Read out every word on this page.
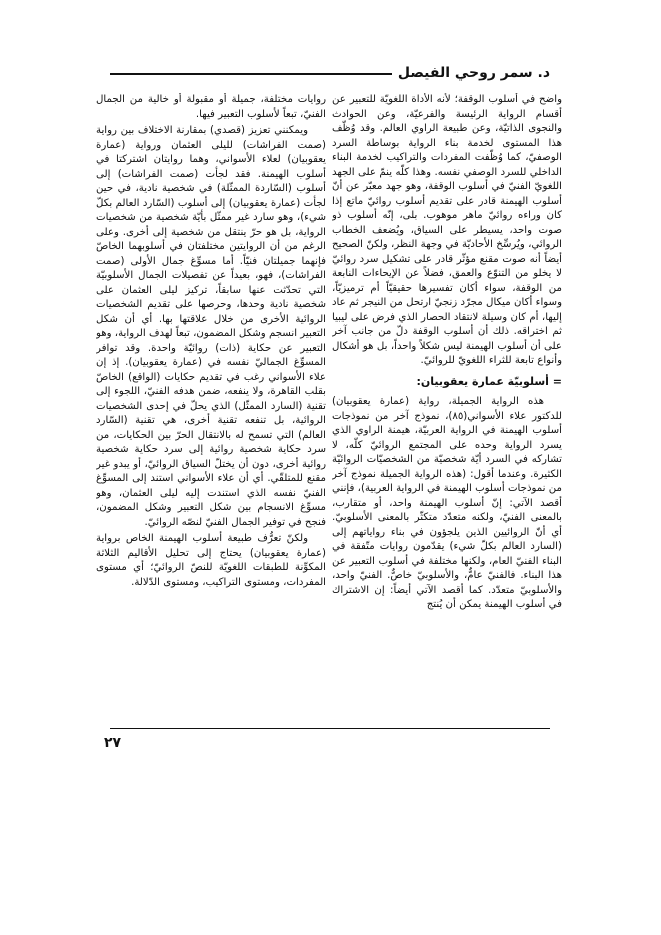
د. سمر روحي الفيصل

واضح في أسلوب الوقفة؛ لأنه الأداة اللغويّة للتعبير عن أقسام الرواية الرئيسة والفرعيّة، وعن الحوادث والنجوى الذاتيّة، وعن طبيعة الراوي العالم. وقد وُظّف هذا المستوى لخدمة بناء الرواية بوساطة السرد الوصفيّ، كما وُظّفت المفردات والتراكيب لخدمة البناء الداخلي للسرد الوصفي نفسه. وهذا كلّه ينمّ على الجهد اللغويّ الفنيّ في أسلوب الوقفة، وهو جهد معبّر عن أنّ أسلوب الهيمنة قادر على تقديم أسلوب روائيّ ماتع إذا كان وراءه روائيّ ماهر موهوب. بلى، إنّه أسلوب ذو صوت واحد، يسيطر على السياق، ويُضعف الخطاب الروائي، ويُرسِّخ الأحاديّة في وجهة النظر، ولكنّ الصحيح أيضاً أنه صوت مقنع مؤثّر قادر على تشكيل سرد روائيّ لا يخلو من التنوّع والعمق، فضلاً عن الإيحاءات النابعة من الوقفة، سواء أكان تفسيرها حقيقيّاً أم ترميزيّاً، وسواء أكان ميكال مجرّد زنجيّ ارتحل من النيجر ثم عاد إليها، أم كان وسيلة لانتقاد الحصار الذي فرض على ليبيا ثم اختراقه. ذلك أن أسلوب الوقفة دلّ من جانب آخر على أن أسلوب الهيمنة ليس شكلاً واحداً، بل هو أشكال وأنواع تابعة للثراء اللغويّ للروائيّ.

= أسلوبيّة عمارة يعقوبيان:

هذه الرواية الجميلة، رواية (عمارة يعقوبيان) للدكتور علاء الأسواني(٨٥)، نموذج آخر من نموذجات أسلوب الهيمنة في الرواية العربيّة، هيمنة الراوي الذي يسرد الرواية وحده على المجتمع الروائيّ كلّه، لا تشاركه في السرد أيّة شخصيّة من الشخصيّات الروائيّة الكثيرة. وعندما أقول: (هذه الرواية الجميلة نموذج آخر من نموذجات أسلوب الهيمنة في الرواية العربية)، فإنني أقصد الآتي: إنّ أسلوب الهيمنة واحد، أو متقارب، بالمعنى الفنيّ، ولكنه متعدّد متكثّر بالمعنى الأسلوبيّ. أي أنّ الروائيين الذين يلجؤون في بناء رواياتهم إلى (السارد العالم بكلّ شيء) يقدّمون روايات متّفقة في البناء الفنيّ العام، ولكنها مختلفة في أسلوب التعبير عن هذا البناء. فالفنيّ عامٌّ، والأسلوبيّ خاصٌّ. الفنيّ واحد، والأسلوبيّ متعدّد. كما أقصد الآتي أيضاً: إن الاشتراك في أسلوب الهيمنة يمكن أن يُنتج

روايات مختلفة، جميلة أو مقبولة أو خالية من الجمال الفنيّ، تبعاً لأسلوب التعبير فيها.

ويمكنني تعزيز (قصدي) بمقارنة الاختلاف بين رواية (صمت الفراشات) لليلى العثمان ورواية (عمارة يعقوبيان) لعلاء الأسواني، وهما روايتان اشتركتا في أسلوب الهيمنة. فقد لجأت (صمت الفراشات) إلى أسلوب (السّاردة الممثّلة) في شخصية نادية، في حين لجأت (عمارة يعقوبيان) إلى أسلوب (السّارد العالم بكلّ شيء)، وهو سارد غير ممثّل بأيّة شخصية من شخصيات الرواية، بل هو حرّ ينتقل من شخصية إلى أخرى. وعلى الرغم من أن الروايتين مختلفتان في أسلوبهما الخاصّ فإنهما جميلتان فنيّاً. أما مسوِّغ جمال الأولى (صمت الفراشات)، فهو، بعيداً عن تفصيلات الجمال الأسلوبيّة التي تحدّثت عنها سابقاً، تركيز ليلى العثمان على شخصية نادية وحدها، وحرصها على تقديم الشخصيات الروائية الأخرى من خلال علاقتها بها. أي أن شكل التعبير انسجم وشكل المضمون، تبعاً لهدف الرواية، وهو التعبير عن حكاية (ذات) روائيّة واحدة. وقد توافر المسوِّغ الجماليّ نفسه في (عمارة يعقوبيان). إذ إن علاء الأسواني رغب في تقديم حكايات (الواقع) الخاصّ بقلب القاهرة، ولا ينفعه، ضمن هدفه الفنيّ، اللجوء إلى تقنية (السارد الممثّل) الذي يحلّ في إحدى الشخصيات الروائية، بل تنفعه تقنية أخرى، هي تقنية (السّارد العالم) التي تسمح له بالانتقال الحرّ بين الحكايات، من سرد حكاية شخصية روائية إلى سرد حكاية شخصية روائية أخرى، دون أن يختلّ السياق الروائيّ، أو يبدو غير مقنع للمتلقّي. أي أن علاء الأسواني استند إلى المسوِّغ الفنيّ نفسه الذي استندت إليه ليلى العثمان، وهو مسوِّغ الانسجام بين شكل التعبير وشكل المضمون، فنجح في توفير الجمال الفنيّ لنصّه الروائيّ.

ولكنّ تعرُّف طبيعة أسلوب الهيمنة الخاص برواية (عمارة يعقوبيان) يحتاج إلى تحليل الأقاليم الثلاثة المكوِّنة للطبقات اللغويّة للنصّ الروائيّ؛ أي مستوى المفردات، ومستوى التراكيب، ومستوى الدّلالة.

٢٧
